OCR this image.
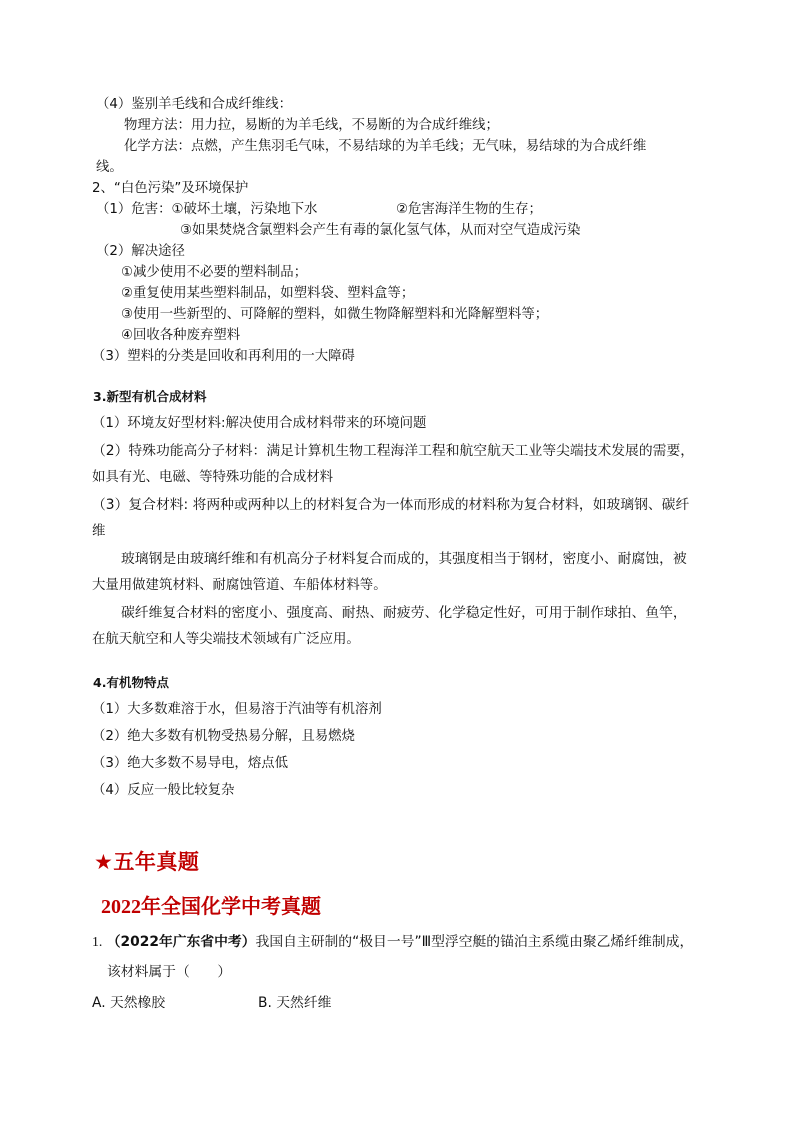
（4）鉴别羊毛线和合成纤维线：
物理方法：用力拉，易断的为羊毛线，不易断的为合成纤维线；
化学方法：点燃，产生焦羽毛气味，不易结球的为羊毛线；无气味，易结球的为合成纤维
线。
2、“白色污染”及环境保护
（1）危害：①破坏土壤，污染地下水	②危害海洋生物的生存；
③如果焚烧含氯塑料会产生有毒的氯化氢气体，从而对空气造成污染
（2）解决途径
①减少使用不必要的塑料制品；
②重复使用某些塑料制品，如塑料袋、塑料盒等；
③使用一些新型的、可降解的塑料，如微生物降解塑料和光降解塑料等；
④回收各种废弃塑料
（3）塑料的分类是回收和再利用的一大障碍
3.新型有机合成材料
（1）环境友好型材料:解决使用合成材料带来的环境问题
（2）特殊功能高分子材料：满足计算机生物工程海洋工程和航空航天工业等尖端技术发展的需要，
如具有光、电磁、等特殊功能的合成材料
（3）复合材料: 将两种或两种以上的材料复合为一体而形成的材料称为复合材料，如玻璃钢、碳纤
维
玻璃钢是由玻璃纤维和有机高分子材料复合而成的，其强度相当于钢材，密度小、耐腐蚀，被
大量用做建筑材料、耐腐蚀管道、车船体材料等。
碳纤维复合材料的密度小、强度高、耐热、耐疲劳、化学稳定性好，可用于制作球拍、鱼竿，
在航天航空和人等尖端技术领域有广泛应用。
4.有机物特点
（1）大多数难溶于水，但易溶于汽油等有机溶剂
（2）绝大多数有机物受热易分解，且易燃烧
（3）绝大多数不易导电，熔点低
（4）反应一般比较复杂
★五年真题
2022年全国化学中考真题
1. （2022年广东省中考）我国自主研制的“极目一号”Ⅲ型浮空艇的锚泊主系缆由聚乙烯纤维制成，
该材料属于（　　）
A. 天然橡胶	B. 天然纤维
